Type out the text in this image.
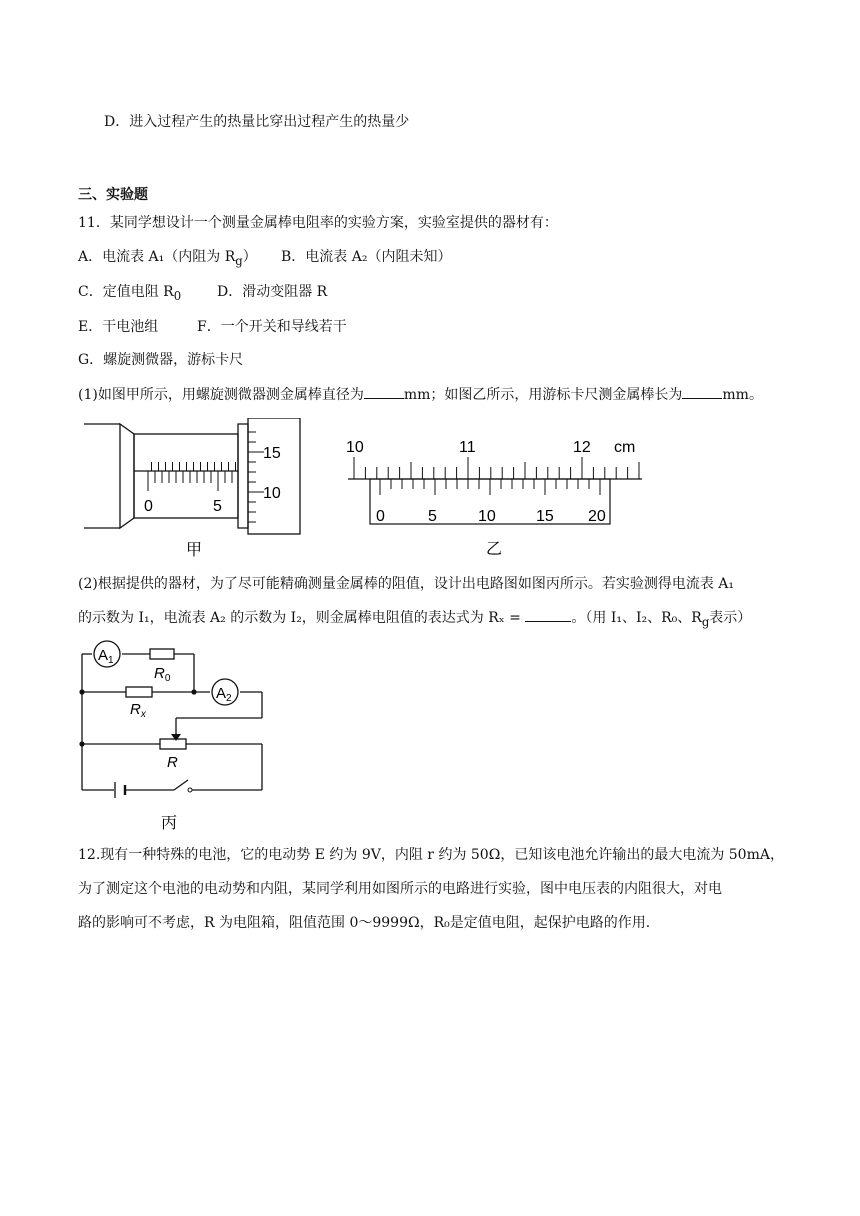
D．进入过程产生的热量比穿出过程产生的热量少
三、实验题
11．某同学想设计一个测量金属棒电阻率的实验方案，实验室提供的器材有：
A．电流表 A₁（内阻为 $R_g$） B．电流表 A₂（内阻未知）
C．定值电阻 $R_0$	D．滑动变阻器 R
E．干电池组	F．一个开关和导线若干
G．螺旋测微器，游标卡尺
(1)如图甲所示，用螺旋测微器测金属棒直径为	mm；如图乙所示，用游标卡尺测金属棒长为	mm。
0	5
15
10
甲
10	11	12 cm
0	5	10	15 20
乙
(2)根据提供的器材，为了尽可能精确测量金属棒的阻值，设计出电路图如图丙所示。若实验测得电流表 A₁
的示数为 I₁，电流表 A₂ 的示数为 I₂，则金属棒电阻值的表达式为 Rₓ =	。（用 I₁、I₂、R₀、$R_g$表示）
$A_1$
$A_2$
$R_0$
$R_x$
R
丙
12.现有一种特殊的电池，它的电动势 E 约为 9V，内阻 r 约为 50Ω，已知该电池允许输出的最大电流为 50mA，
为了测定这个电池的电动势和内阻，某同学利用如图所示的电路进行实验，图中电压表的内阻很大，对电
路的影响可不考虑，R 为电阻箱，阻值范围 0～9999Ω，R₀是定值电阻，起保护电路的作用.
